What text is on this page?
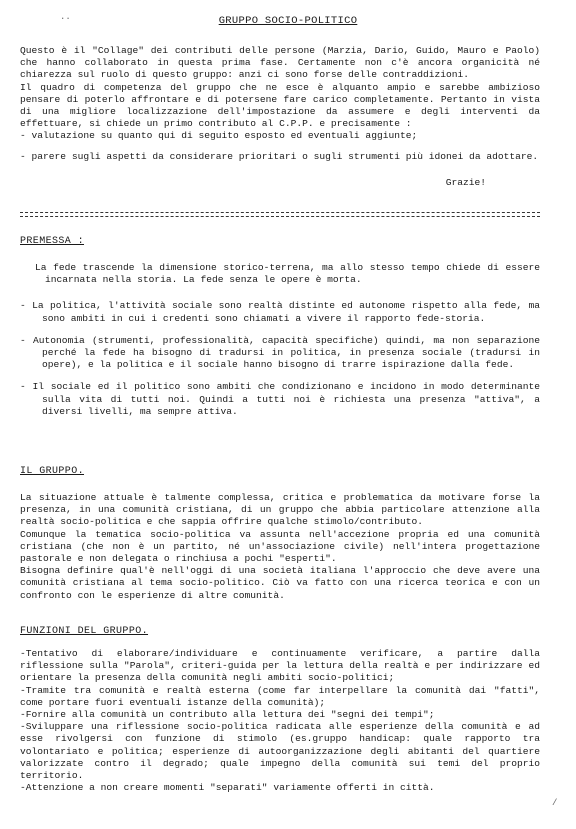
..	GRUPPO SOCIO-POLITICO

Questo è il "Collage" dei contributi delle persone (Marzia, Dario, Guido, Mauro e Paolo) che hanno collaborato in questa prima fase. Certamente non c'è ancora organicità né chiarezza sul ruolo di questo gruppo: anzi ci sono forse delle contraddizioni.

Il quadro di competenza del gruppo che ne esce è alquanto ampio e sarebbe ambizioso pensare di poterlo affrontare e di potersene fare carico completamente. Pertanto in vista di una migliore localizzazione dell'impostazione da assumere e degli interventi da effettuare, si chiede un primo contributo al C.P.P. e precisamente :

- valutazione su quanto qui di seguito esposto ed eventuali aggiunte;

- parere sugli aspetti da considerare prioritari o sugli strumenti più idonei da adottare.

Grazie!

PREMESSA :

La fede trascende la dimensione storico-terrena, ma allo stesso tempo chiede di essere incarnata nella storia. La fede senza le opere è morta.

- La politica, l'attività sociale sono realtà distinte ed autonome rispetto alla fede, ma sono ambiti in cui i credenti sono chiamati a vivere il rapporto fede-storia.

- Autonomia (strumenti, professionalità, capacità specifiche) quindi, ma non separazione perché la fede ha bisogno di tradursi in politica, in presenza sociale (tradursi in opere), e la politica e il sociale hanno bisogno di trarre ispirazione dalla fede.

- Il sociale ed il politico sono ambiti che condizionano e incidono in modo determinante sulla vita di tutti noi. Quindi a tutti noi è richiesta una presenza "attiva", a diversi livelli, ma sempre attiva.

IL GRUPPO.

La situazione attuale è talmente complessa, critica e problematica da motivare forse la presenza, in una comunità cristiana, di un gruppo che abbia particolare attenzione alla realtà socio-politica e che sappia offrire qualche stimolo/contributo.

Comunque la tematica socio-politica va assunta nell'accezione propria ed una comunità cristiana (che non è un partito, né un'associazione civile) nell'intera progettazione pastorale e non delegata o rinchiusa a pochi "esperti".

Bisogna definire qual'è nell'oggi di una società italiana l'approccio che deve avere una comunità cristiana al tema socio-politico. Ciò va fatto con una ricerca teorica e con un confronto con le esperienze di altre comunità.

FUNZIONI DEL GRUPPO.

-Tentativo di elaborare/individuare e continuamente verificare, a partire dalla riflessione sulla "Parola", criteri-guida per la lettura della realtà e per indirizzare ed orientare la presenza della comunità negli ambiti socio-politici;

-Tramite tra comunità e realtà esterna (come far interpellare la comunità dai "fatti", come portare fuori eventuali istanze della comunità);

-Fornire alla comunità un contributo alla lettura dei "segni dei tempi";

-Sviluppare una riflessione socio-politica radicata alle esperienze della comunità e ad esse rivolgersi con funzione di stimolo (es.gruppo handicap: quale rapporto tra volontariato e politica; esperienze di autoorganizzazione degli abitanti del quartiere valorizzate contro il degrado; quale impegno della comunità sui temi del proprio territorio.

-Attenzione a non creare momenti "separati" variamente offerti in città.

/
